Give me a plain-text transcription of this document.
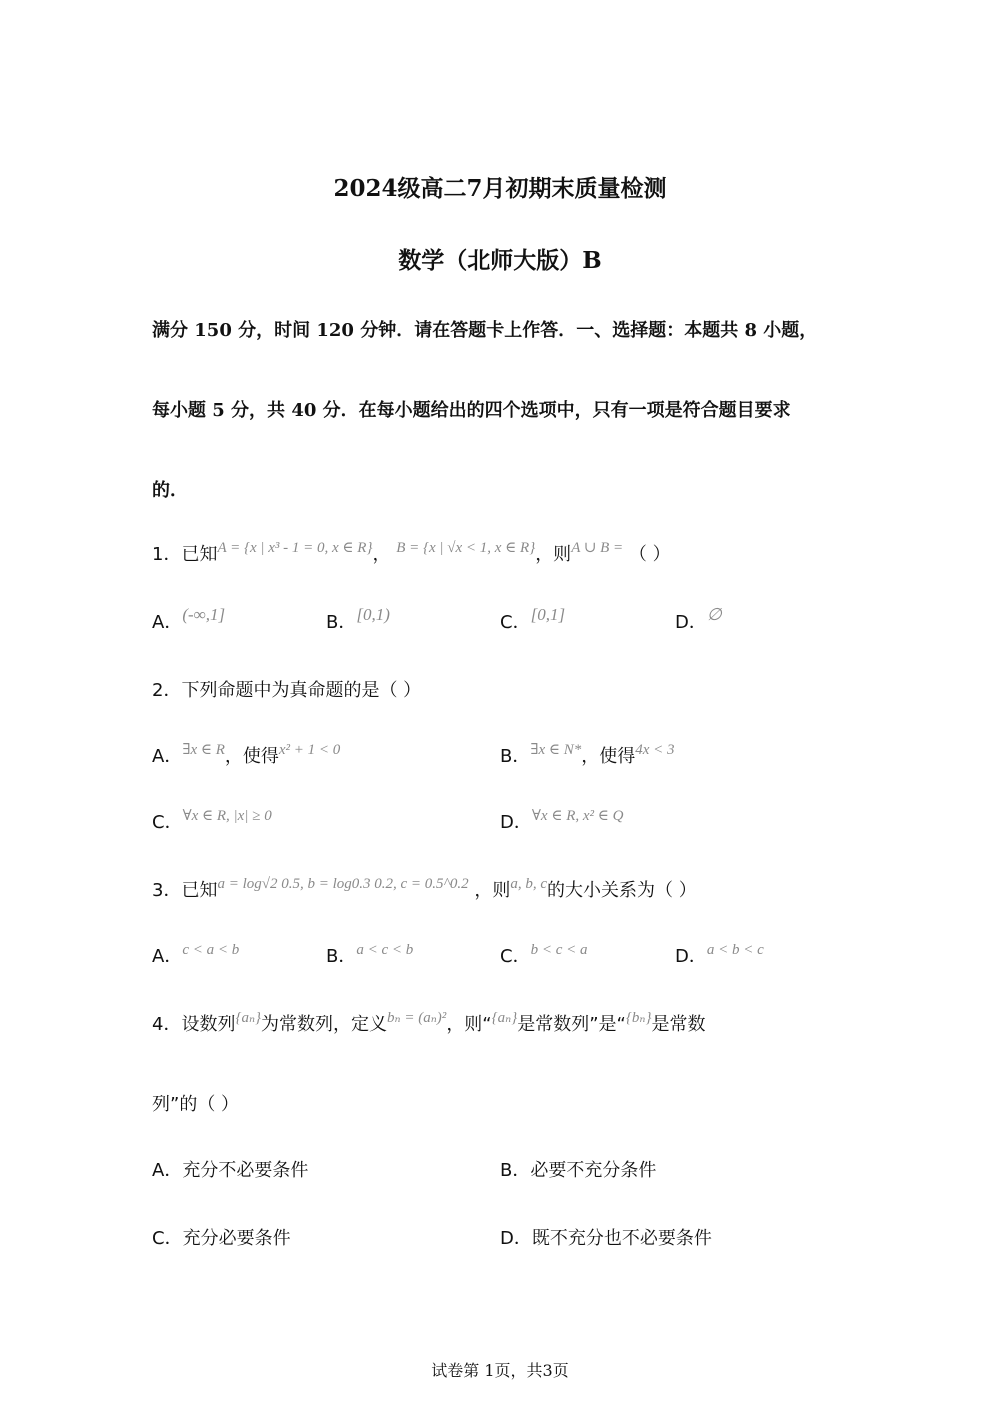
2024级高二7月初期末质量检测
数学（北师大版）B
满分 150 分，时间 120 分钟．请在答题卡上作答．一、选择题：本题共 8 小题，
每小题 5 分，共 40 分．在每小题给出的四个选项中，只有一项是符合题目要求
的．
1．已知$^{A = \{x | x^3 - 1 = 0, x \in R\}}$， $^{B = \{x | √x < 1, x \in R\}}$，则$^{A \cup B =}$ （ ）
A．(-∞,1]	B．[0,1)	C．[0,1]	D．∅
2．下列命题中为真命题的是（ ）
A．$^{\exists x \in R}$，使得$^{x^2 + 1 < 0}$	B．$^{\exists x \in N*}$，使得$^{4x < 3}$
C．$^{\forall x \in R, |x| \ge 0}$	D．$^{\forall x \in R, x^2 \in Q}$
3．已知$^{a = log√2 0.5, b = log0.3 0.2, c = 0.5\^{}0.2}$ ，则$^{a, b, c}$的大小关系为（ ）
A．$^{c < a < b}$	B．$^{a < c < b}$	C．$^{b < c < a}$	D．$^{a < b < c}$
4．设数列$^{\{a_n\}}$为常数列，定义$^{b_n = (a_n)^2}$，则“$^{\{a_n\}}$是常数列”是“$^{\{b_n\}}$是常数
列”的（ ）
A．充分不必要条件	B．必要不充分条件
C．充分必要条件	D．既不充分也不必要条件
试卷第 1页，共3页
